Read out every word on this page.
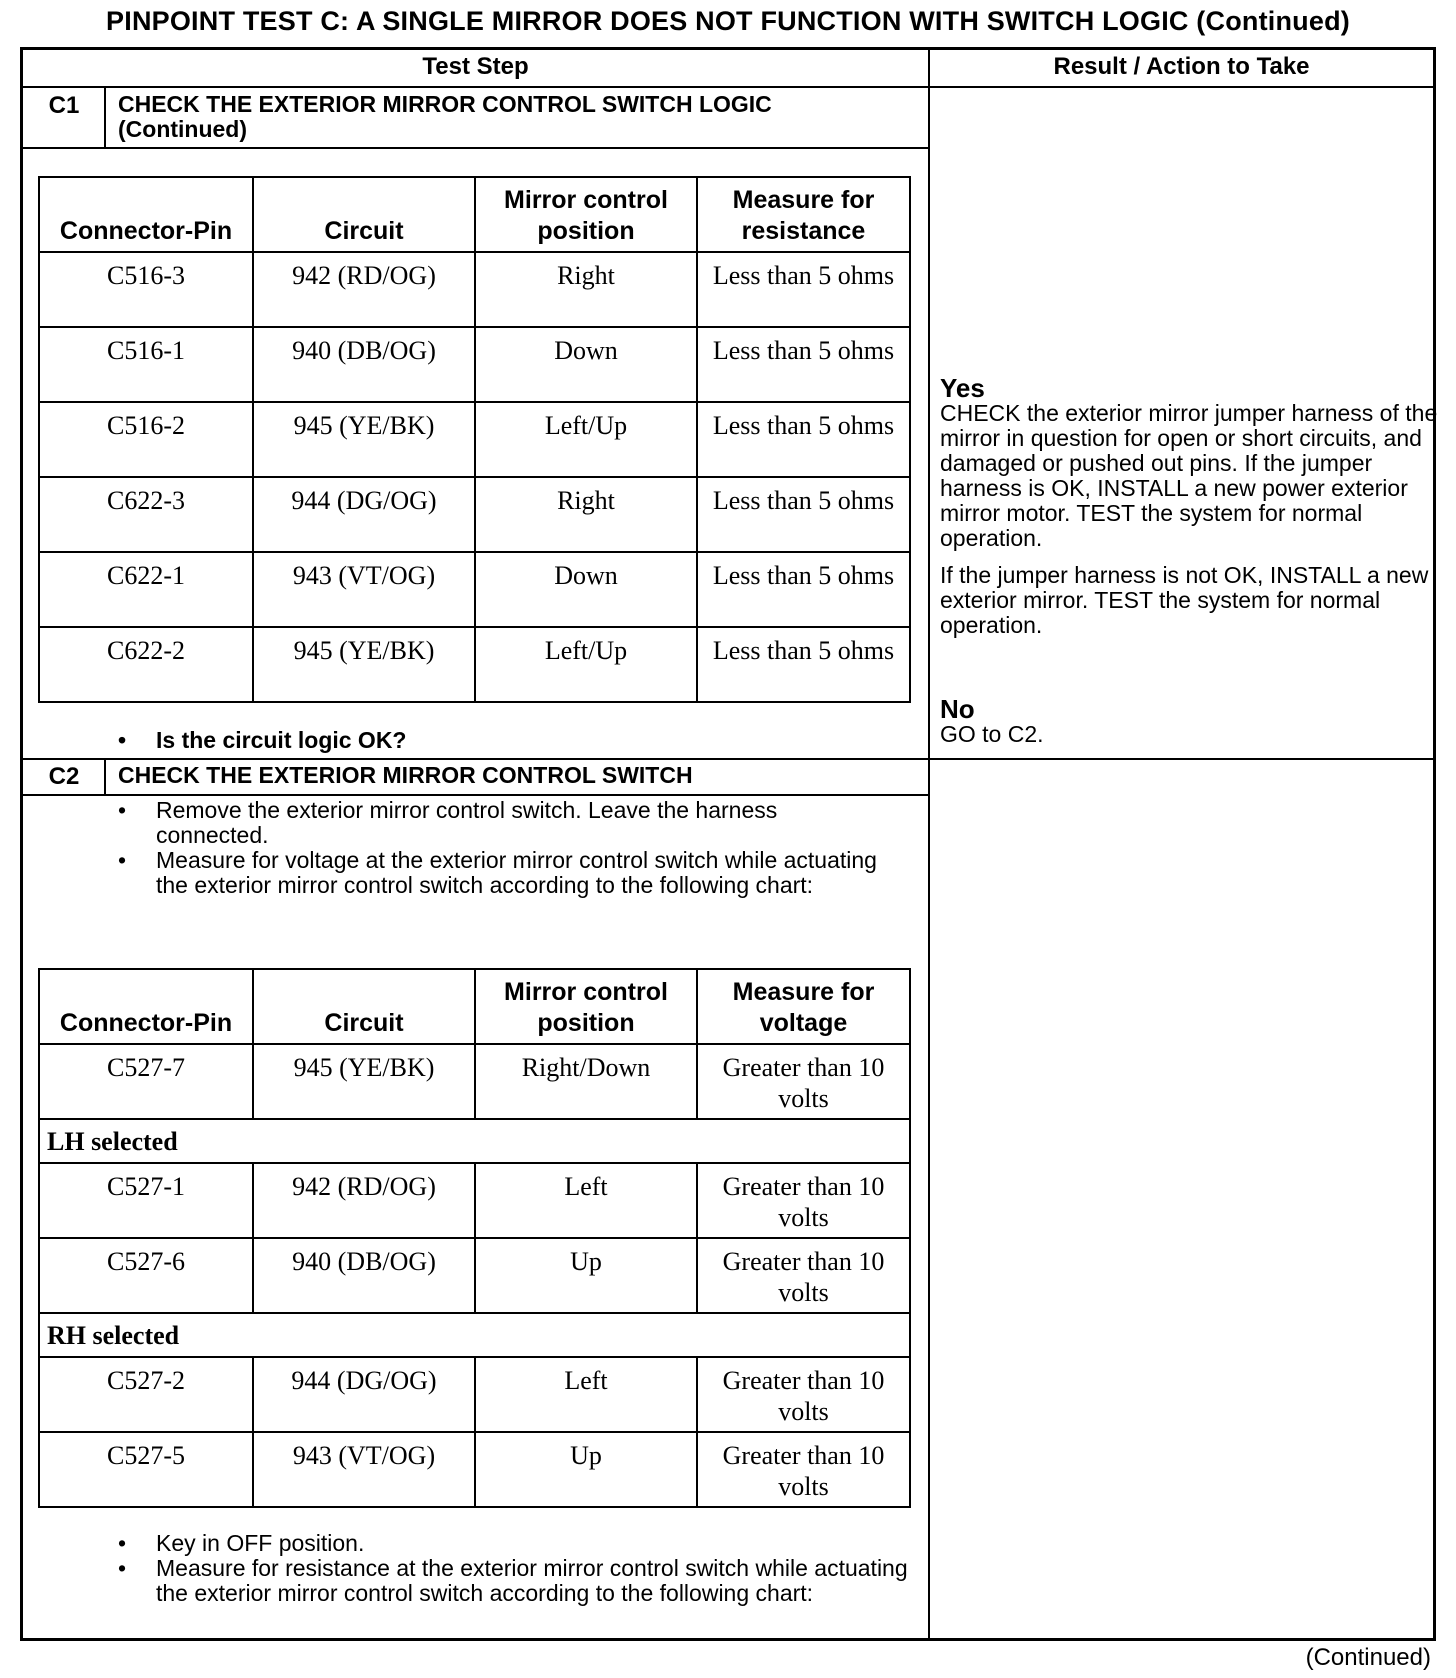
PINPOINT TEST C: A SINGLE MIRROR DOES NOT FUNCTION WITH SWITCH LOGIC (Continued)
Test Step	Result / Action to Take
C1	CHECK THE EXTERIOR MIRROR CONTROL SWITCH LOGIC
(Continued)
Connector-Pin	Circuit	Mirror control position	Measure for resistance
C516-3	942 (RD/OG)	Right	Less than 5 ohms
C516-1	940 (DB/OG)	Down	Less than 5 ohms
C516-2	945 (YE/BK)	Left/Up	Less than 5 ohms
C622-3	944 (DG/OG)	Right	Less than 5 ohms
C622-1	943 (VT/OG)	Down	Less than 5 ohms
C622-2	945 (YE/BK)	Left/Up	Less than 5 ohms
• Is the circuit logic OK?
Yes
CHECK the exterior mirror jumper harness of the mirror in question for open or short circuits, and damaged or pushed out pins. If the jumper harness is OK, INSTALL a new power exterior mirror motor. TEST the system for normal operation.
If the jumper harness is not OK, INSTALL a new exterior mirror. TEST the system for normal operation.
No
GO to C2.
C2	CHECK THE EXTERIOR MIRROR CONTROL SWITCH
• Remove the exterior mirror control switch. Leave the harness connected.
• Measure for voltage at the exterior mirror control switch while actuating the exterior mirror control switch according to the following chart:
Connector-Pin	Circuit	Mirror control position	Measure for voltage
C527-7	945 (YE/BK)	Right/Down	Greater than 10 volts
LH selected			
C527-1	942 (RD/OG)	Left	Greater than 10 volts
C527-6	940 (DB/OG)	Up	Greater than 10 volts
RH selected			
C527-2	944 (DG/OG)	Left	Greater than 10 volts
C527-5	943 (VT/OG)	Up	Greater than 10 volts
• Key in OFF position.
• Measure for resistance at the exterior mirror control switch while actuating the exterior mirror control switch according to the following chart:
(Continued)
